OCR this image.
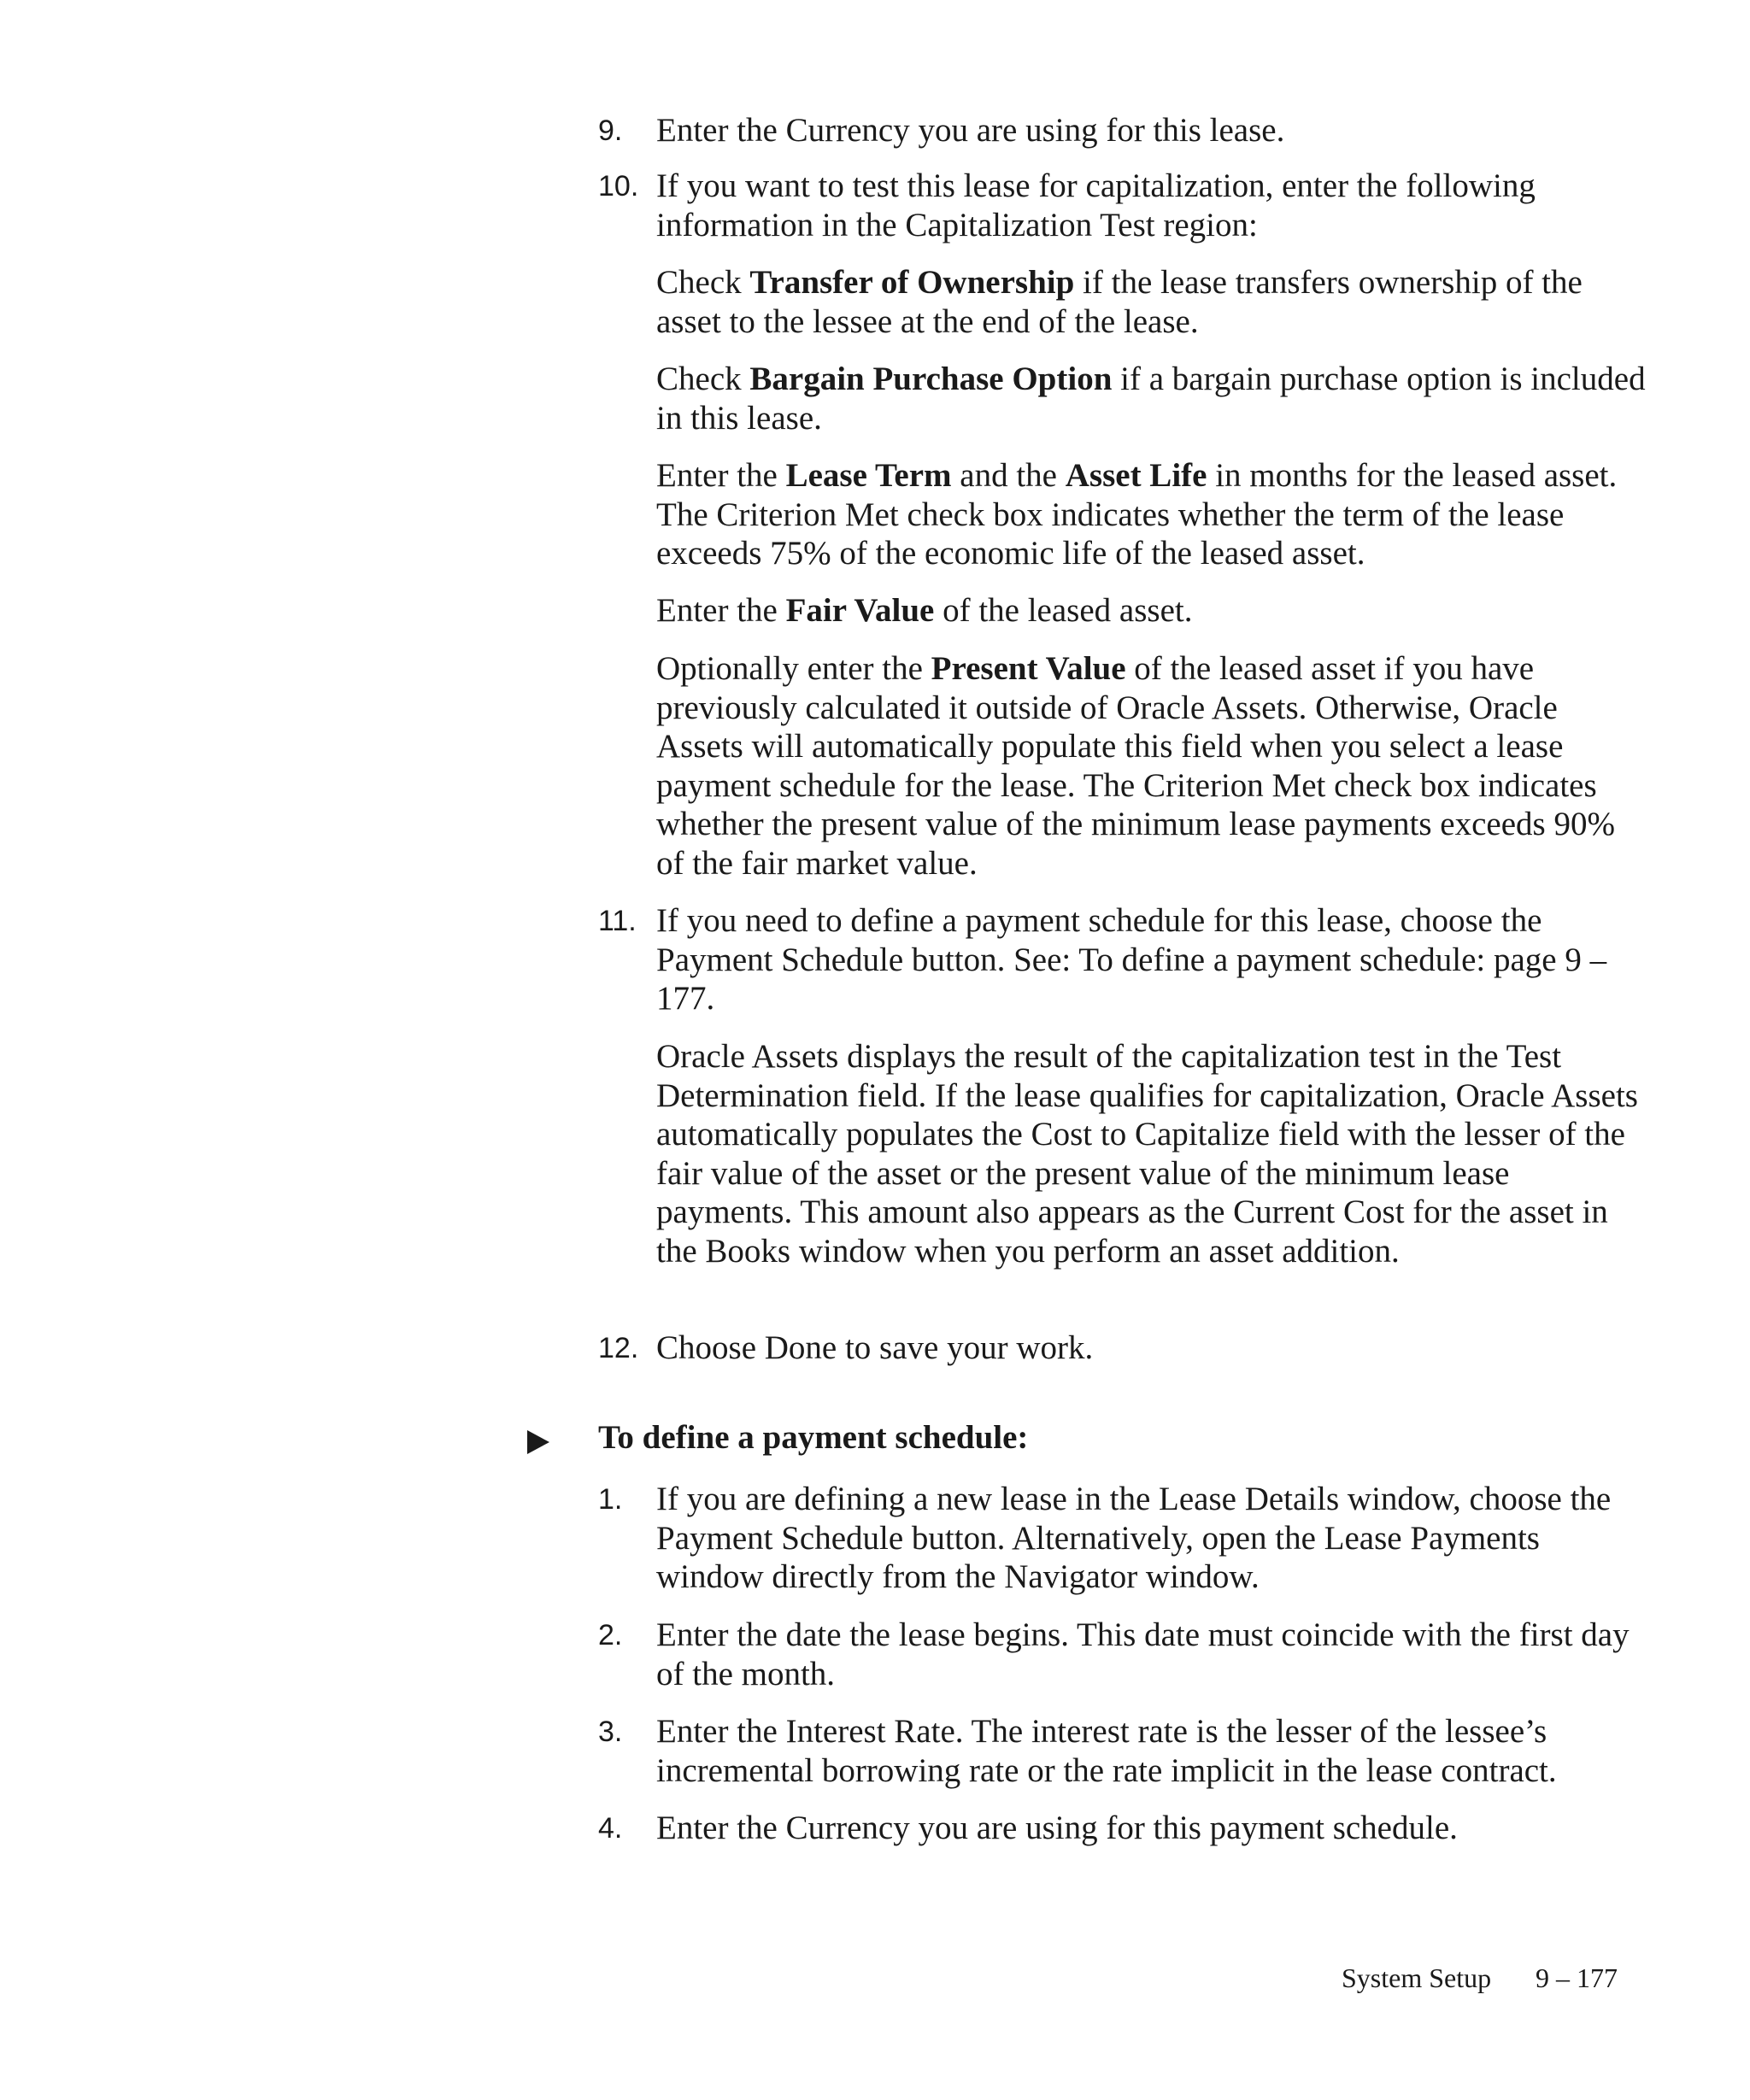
9. Enter the Currency you are using for this lease.
10. If you want to test this lease for capitalization, enter the following information in the Capitalization Test region:

Check Transfer of Ownership if the lease transfers ownership of the asset to the lessee at the end of the lease.

Check Bargain Purchase Option if a bargain purchase option is included in this lease.

Enter the Lease Term and the Asset Life in months for the leased asset. The Criterion Met check box indicates whether the term of the lease exceeds 75% of the economic life of the leased asset.

Enter the Fair Value of the leased asset.

Optionally enter the Present Value of the leased asset if you have previously calculated it outside of Oracle Assets. Otherwise, Oracle Assets will automatically populate this field when you select a lease payment schedule for the lease. The Criterion Met check box indicates whether the present value of the minimum lease payments exceeds 90% of the fair market value.

11. If you need to define a payment schedule for this lease, choose the Payment Schedule button. See: To define a payment schedule: page 9 – 177.

Oracle Assets displays the result of the capitalization test in the Test Determination field. If the lease qualifies for capitalization, Oracle Assets automatically populates the Cost to Capitalize field with the lesser of the fair value of the asset or the present value of the minimum lease payments. This amount also appears as the Current Cost for the asset in the Books window when you perform an asset addition.

12. Choose Done to save your work.
To define a payment schedule:
1. If you are defining a new lease in the Lease Details window, choose the Payment Schedule button. Alternatively, open the Lease Payments window directly from the Navigator window.
2. Enter the date the lease begins. This date must coincide with the first day of the month.
3. Enter the Interest Rate. The interest rate is the lesser of the lessee’s incremental borrowing rate or the rate implicit in the lease contract.
4. Enter the Currency you are using for this payment schedule.
System Setup 9 – 177
